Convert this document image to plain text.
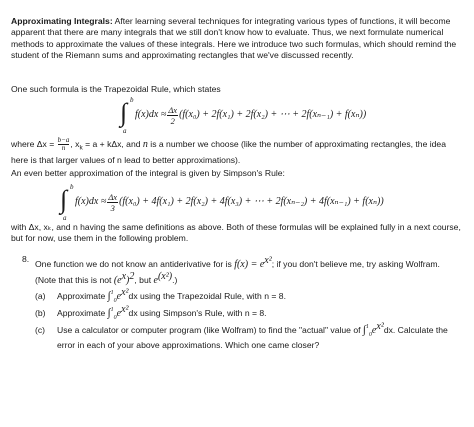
Approximating Integrals: After learning several techniques for integrating various types of functions, it will become apparent that there are many integrals that we still don't know how to evaluate. Thus, we next formulate numerical methods to approximate the values of these integrals. Here we introduce two such formulas, which should remind the student of the Riemann sums and approximating rectangles that we've discussed recently.

One such formula is the Trapezoidal Rule, which states

∫ b
a
$f(x)dx \approx \frac{\Delta x}{2} (f(x_0) + 2f(x_1) + 2f(x_2)$ + ⋯ + 2f(xₙ₋₁) + f(xₙ))

where $\Delta x = \frac{b-a}{n}$ , $x_k = a + k\Delta x$, and n is a number we choose (like the number of approximating rectangles, the idea

here is that larger values of n lead to better approximations).

An even better approximation of the integral is given by Simpson's Rule:

∫ b
a
$f(x)dx \approx \frac{\Delta x}{3} (f(x_0) + 4f(x_1) + 2f(x_2) + 4f(x_3)$ + ⋯ + 2f(xₙ₋₂) + 4f(xₙ₋₁) + f(xₙ))

with Δx, xₖ, and n having the same definitions as above. Both of these formulas will be explained fully in a next course, but for now, use them in the following problem.

8. One function we do not know an antiderivative for is $f(x) = e^{x^2}$; if you don't believe me, try asking Wolfram.

(Note that this is not $(e^x)^2$, but $e^{(x^2)}$.)

(a) Approximate $\int^1_0e^{x^2}dx$ using the Trapezoidal Rule, with n = 8.
(b) Approximate $\int^1_0e^{x^2}dx$ using Simpson's Rule, with n = 8.
(c) Use a calculator or computer program (like Wolfram) to find the "actual" value of $\int^1_0e^{x^2}dx$. Calculate the
error in each of your above approximations. Which one came closer?
